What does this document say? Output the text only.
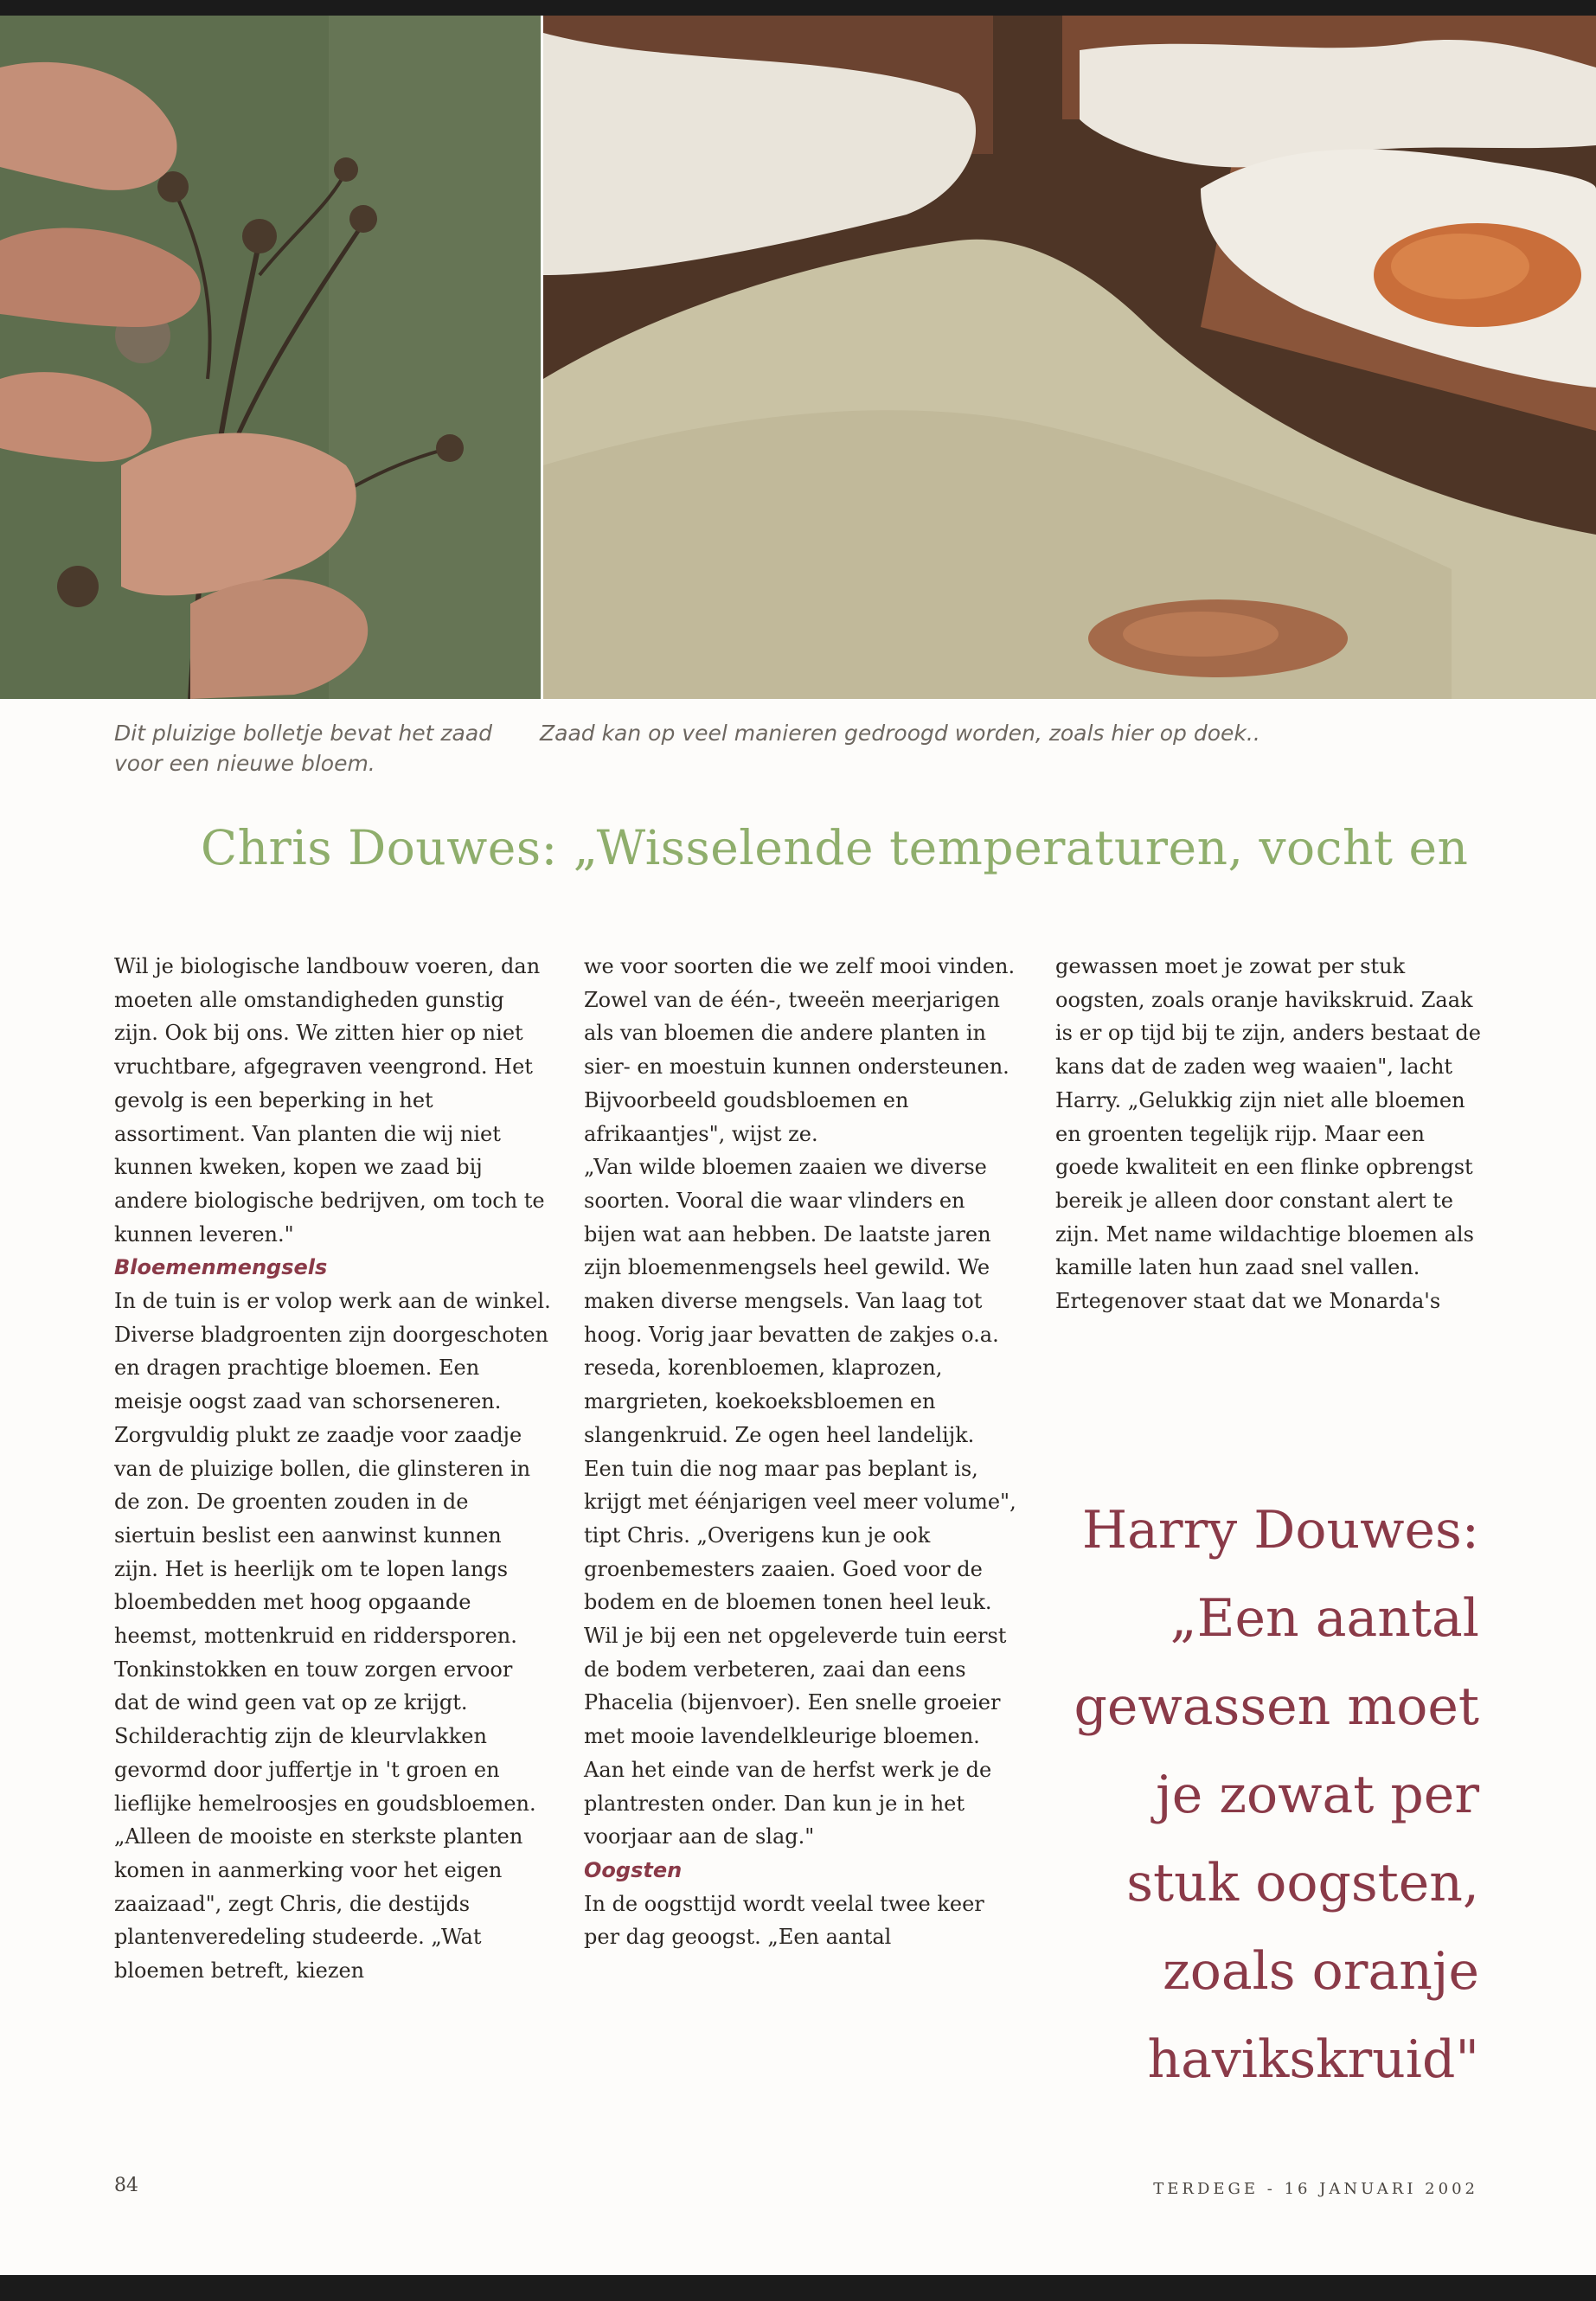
Dit pluizige bolletje bevat het zaad voor een nieuwe bloem.
Zaad kan op veel manieren gedroogd worden, zoals hier op doek..
Chris Douwes: „Wisselende temperaturen, vocht en

Wil je biologische landbouw voeren, dan moeten alle omstandigheden gunstig zijn. Ook bij ons. We zitten hier op niet vruchtbare, afgegraven veengrond. Het gevolg is een beperking in het assortiment. Van planten die wij niet kunnen kweken, kopen we zaad bij andere biologische bedrijven, om toch te kunnen leveren."

Bloemenmengsels

In de tuin is er volop werk aan de winkel. Diverse bladgroenten zijn doorgeschoten en dragen prachtige bloemen. Een meisje oogst zaad van schorseneren. Zorgvuldig plukt ze zaadje voor zaadje van de pluizige bollen, die glinsteren in de zon. De groenten zouden in de siertuin beslist een aanwinst kunnen zijn. Het is heerlijk om te lopen langs bloembedden met hoog opgaande heemst, mottenkruid en riddersporen. Tonkinstokken en touw zorgen ervoor dat de wind geen vat op ze krijgt. Schilderachtig zijn de kleurvlakken gevormd door juffertje in 't groen en lieflijke hemelroosjes en goudsbloemen.

„Alleen de mooiste en sterkste planten komen in aanmerking voor het eigen zaaizaad", zegt Chris, die destijds plantenveredeling studeerde. „Wat bloemen betreft, kiezen

we voor soorten die we zelf mooi vinden. Zowel van de één-, tweeën meerjarigen als van bloemen die andere planten in sier- en moestuin kunnen ondersteunen. Bijvoorbeeld goudsbloemen en afrikaantjes", wijst ze.

„Van wilde bloemen zaaien we diverse soorten. Vooral die waar vlinders en bijen wat aan hebben. De laatste jaren zijn bloemenmengsels heel gewild. We maken diverse mengsels. Van laag tot hoog. Vorig jaar bevatten de zakjes o.a. reseda, korenbloemen, klaprozen, margrieten, koekoeksbloemen en slangenkruid. Ze ogen heel landelijk. Een tuin die nog maar pas beplant is, krijgt met éénjarigen veel meer volume", tipt Chris. „Overigens kun je ook groenbemesters zaaien. Goed voor de bodem en de bloemen tonen heel leuk. Wil je bij een net opgeleverde tuin eerst de bodem verbeteren, zaai dan eens Phacelia (bijenvoer). Een snelle groeier met mooie lavendelkleurige bloemen. Aan het einde van de herfst werk je de plantresten onder. Dan kun je in het voorjaar aan de slag."

Oogsten

In de oogsttijd wordt veelal twee keer per dag geoogst. „Een aantal

gewassen moet je zowat per stuk oogsten, zoals oranje havikskruid. Zaak is er op tijd bij te zijn, anders bestaat de kans dat de zaden weg waaien", lacht Harry. „Gelukkig zijn niet alle bloemen en groenten tegelijk rijp. Maar een goede kwaliteit en een flinke opbrengst bereik je alleen door constant alert te zijn. Met name wildachtige bloemen als kamille laten hun zaad snel vallen. Ertegenover staat dat we Monarda's

Harry Douwes:
„Een aantal
gewassen moet
je zowat per
stuk oogsten,
zoals oranje
havikskruid"
84	TERDEGE - 16 JANUARI 2002
